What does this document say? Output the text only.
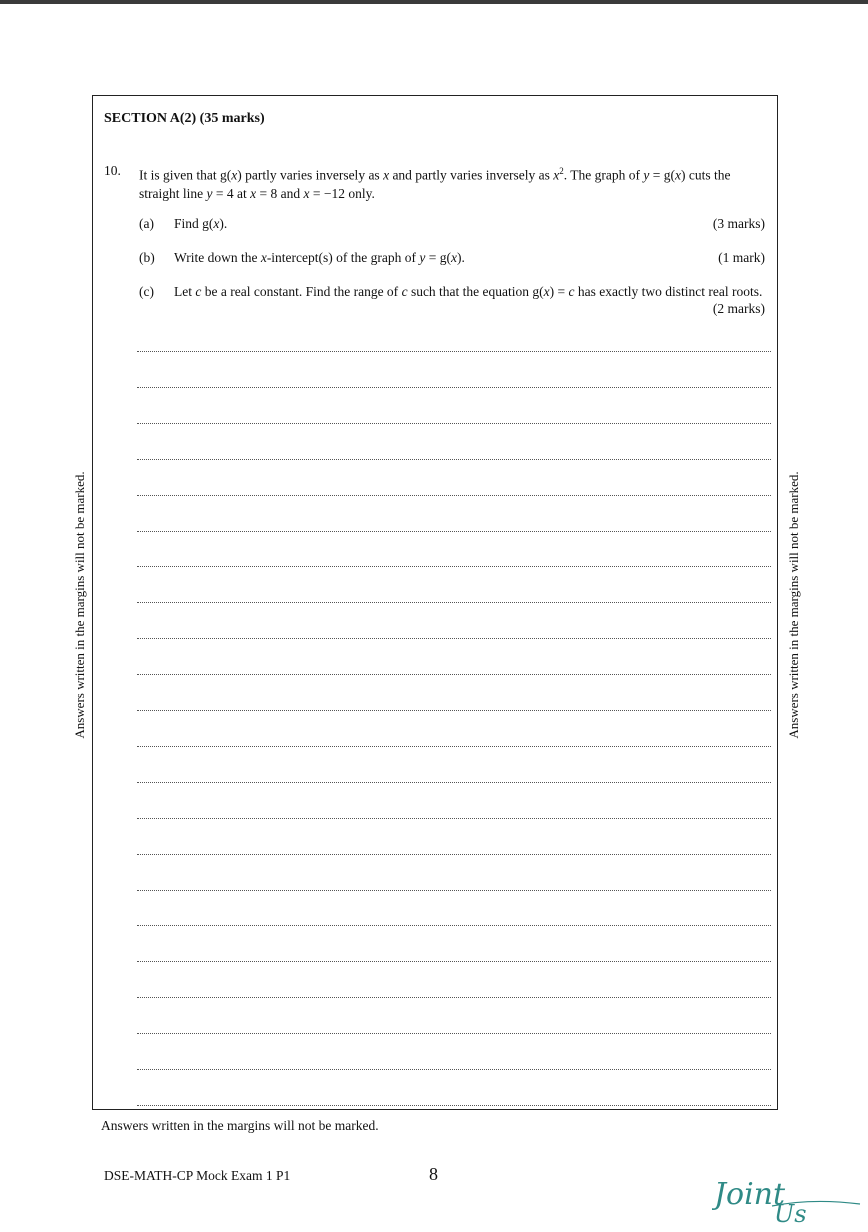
SECTION A(2) (35 marks)
10. It is given that g(x) partly varies inversely as x and partly varies inversely as $x^2$. The graph of y = g(x) cuts the straight line y = 4 at x = 8 and x = −12 only.
(a) Find g(x).	(3 marks)
(b) Write down the x-intercept(s) of the graph of y = g(x).	(1 mark)
(c) Let c be a real constant. Find the range of c such that the equation g(x) = c has exactly two distinct real roots.
(2 marks)
Answers written in the margins will not be marked.	Answers written in the margins will not be marked.
Answers written in the margins will not be marked.
DSE-MATH-CP Mock Exam 1 P1	8
Joint
Us
